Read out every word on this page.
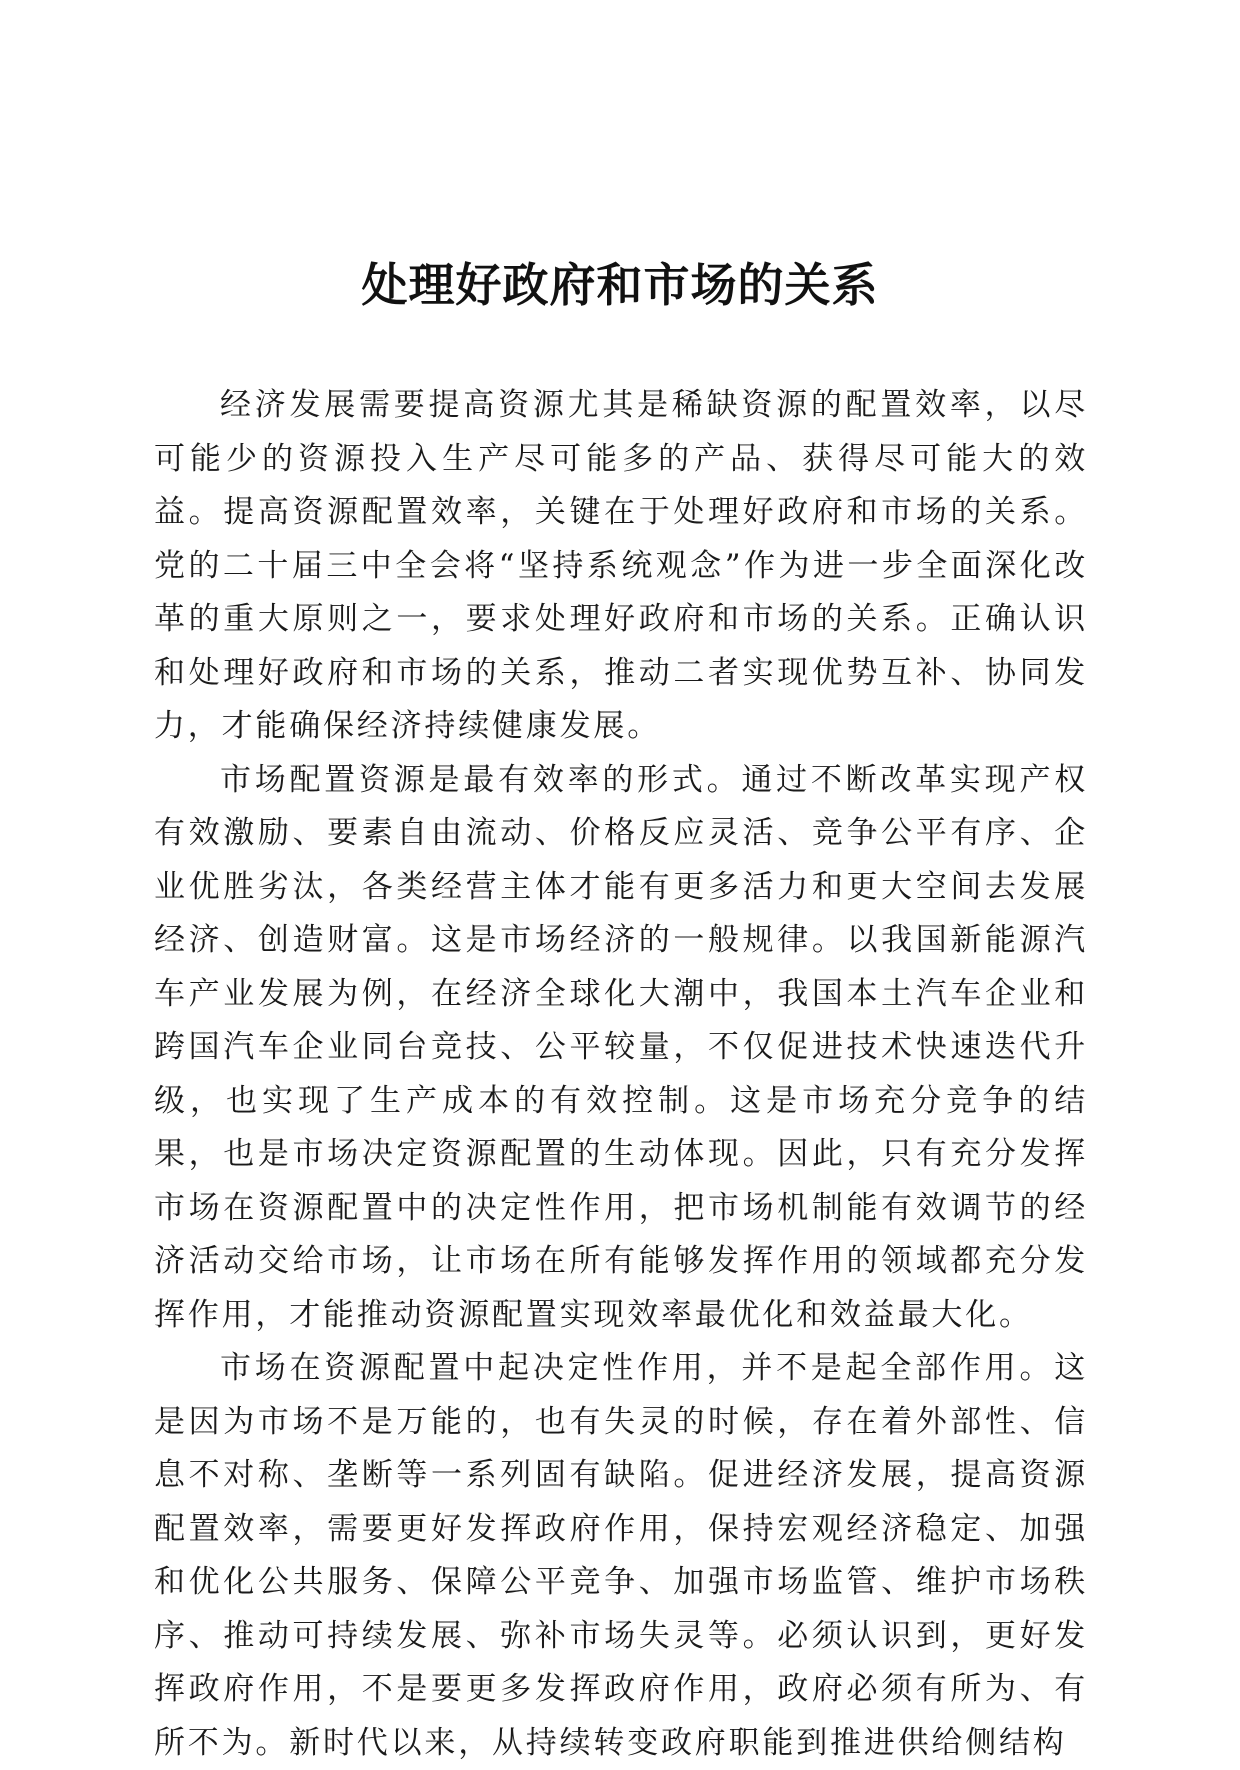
处理好政府和市场的关系

经济发展需要提高资源尤其是稀缺资源的配置效率，以尽可能少的资源投入生产尽可能多的产品、获得尽可能大的效益。提高资源配置效率，关键在于处理好政府和市场的关系。党的二十届三中全会将“坚持系统观念”作为进一步全面深化改革的重大原则之一，要求处理好政府和市场的关系。正确认识和处理好政府和市场的关系，推动二者实现优势互补、协同发力，才能确保经济持续健康发展。

市场配置资源是最有效率的形式。通过不断改革实现产权有效激励、要素自由流动、价格反应灵活、竞争公平有序、企业优胜劣汰，各类经营主体才能有更多活力和更大空间去发展经济、创造财富。这是市场经济的一般规律。以我国新能源汽车产业发展为例，在经济全球化大潮中，我国本土汽车企业和跨国汽车企业同台竞技、公平较量，不仅促进技术快速迭代升级，也实现了生产成本的有效控制。这是市场充分竞争的结果，也是市场决定资源配置的生动体现。因此，只有充分发挥市场在资源配置中的决定性作用，把市场机制能有效调节的经济活动交给市场，让市场在所有能够发挥作用的领域都充分发挥作用，才能推动资源配置实现效率最优化和效益最大化。

市场在资源配置中起决定性作用，并不是起全部作用。这是因为市场不是万能的，也有失灵的时候，存在着外部性、信息不对称、垄断等一系列固有缺陷。促进经济发展，提高资源配置效率，需要更好发挥政府作用，保持宏观经济稳定、加强和优化公共服务、保障公平竞争、加强市场监管、维护市场秩序、推动可持续发展、弥补市场失灵等。必须认识到，更好发挥政府作用，不是要更多发挥政府作用，政府必须有所为、有所不为。新时代以来，从持续转变政府职能到推进供给侧结构
